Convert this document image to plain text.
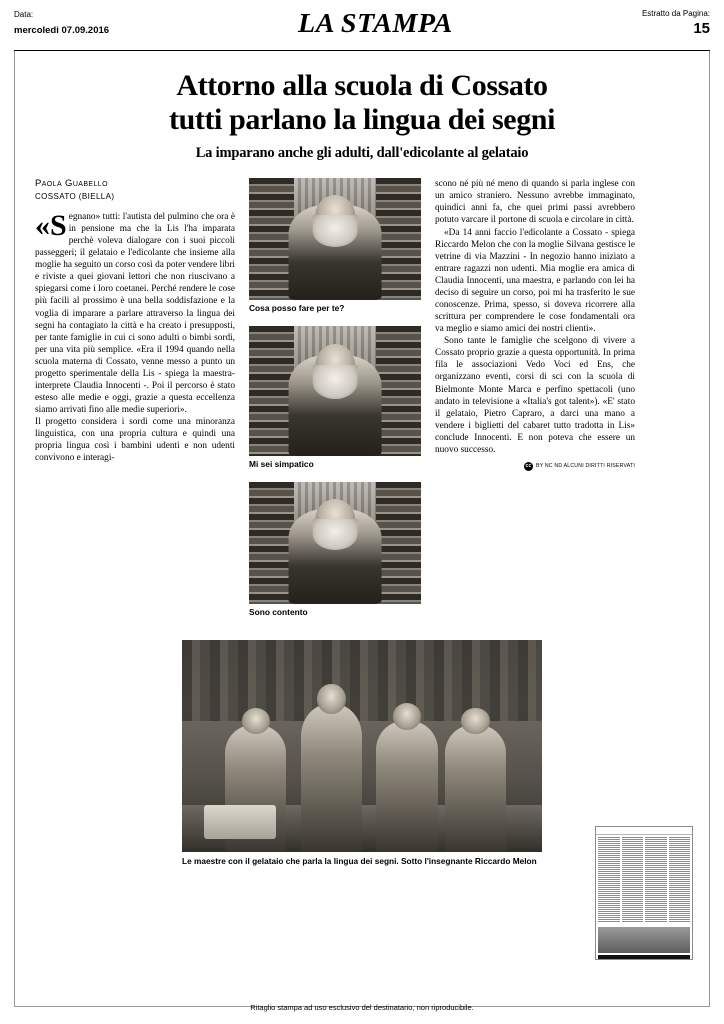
Data:
mercoledi 07.09.2016	LA STAMPA	Estratto da Pagina:
15
Attorno alla scuola di Cossato
tutti parlano la lingua dei segni
La imparano anche gli adulti, dall'edicolante al gelataio
Paola Guabello
COSSATO (BIELLA)

«Segnano» tutti: l'autista del pulmino che ora è in pensione ma che la Lis l'ha imparata perchè voleva dialogare con i suoi piccoli passeggeri; il gelataio e l'edicolante che insieme alla moglie ha seguito un corso così da poter vendere libri e riviste a quei giovani lettori che non riuscivano a spiegarsi come i loro coetanei. Perché rendere le cose più facili al prossimo è una bella soddisfazione e la voglia di imparare a parlare attraverso la lingua dei segni ha contagiato la città e ha creato i presupposti, per tante famiglie in cui ci sono adulti o bimbi sordi, per una vita più semplice. «Era il 1994 quando nella scuola materna di Cossato, venne messo a punto un progetto sperimentale della Lis - spiega la maestra-interprete Claudia Innocenti -. Poi il percorso è stato esteso alle medie e oggi, grazie a questa eccellenza siamo arrivati fino alle medie superiori».

Il progetto considera i sordi come una minoranza linguistica, con una propria cultura e quindi una propria lingua così i bambini udenti e non udenti convivono e interagi-

Cosa posso fare per te?
Mi sei simpatico
Sono contento

scono né più né meno di quando si parla inglese con un amico straniero. Nessuno avrebbe immaginato, quindici anni fa, che quei primi passi avrebbero potuto varcare il portone di scuola e circolare in città.

«Da 14 anni faccio l'edicolante a Cossato - spiega Riccardo Melon che con la moglie Silvana gestisce le vetrine di via Mazzini - In negozio hanno iniziato a entrare ragazzi non udenti. Mia moglie era amica di Claudia Innocenti, una maestra, e parlando con lei ha deciso di seguire un corso, poi mi ha trasferito le sue conoscenze. Prima, spesso, si doveva ricorrere alla scrittura per comprendere le cose fondamentali ora va meglio e siamo amici dei nostri clienti».

Sono tante le famiglie che scelgono di vivere a Cossato proprio grazie a questa opportunità. In prima fila le associazioni Vedo Voci ed Ens, che organizzano eventi, corsi di sci con la scuola di Bielmonte Monte Marca e perfino spettacoli (uno andato in televisione a «Italia's got talent»). «E' stato il gelataio, Pietro Capraro, a darci una mano a vendere i biglietti del cabaret tutto tradotta in Lis» conclude Innocenti. E non poteva che essere un nuovo successo.

cc BY NC ND ALCUNI DIRITTI RISERVATI
Le maestre con il gelataio che parla la lingua dei segni. Sotto l'insegnante Riccardo Melon
Ritaglio stampa ad uso esclusivo del destinatario, non riproducibile.
